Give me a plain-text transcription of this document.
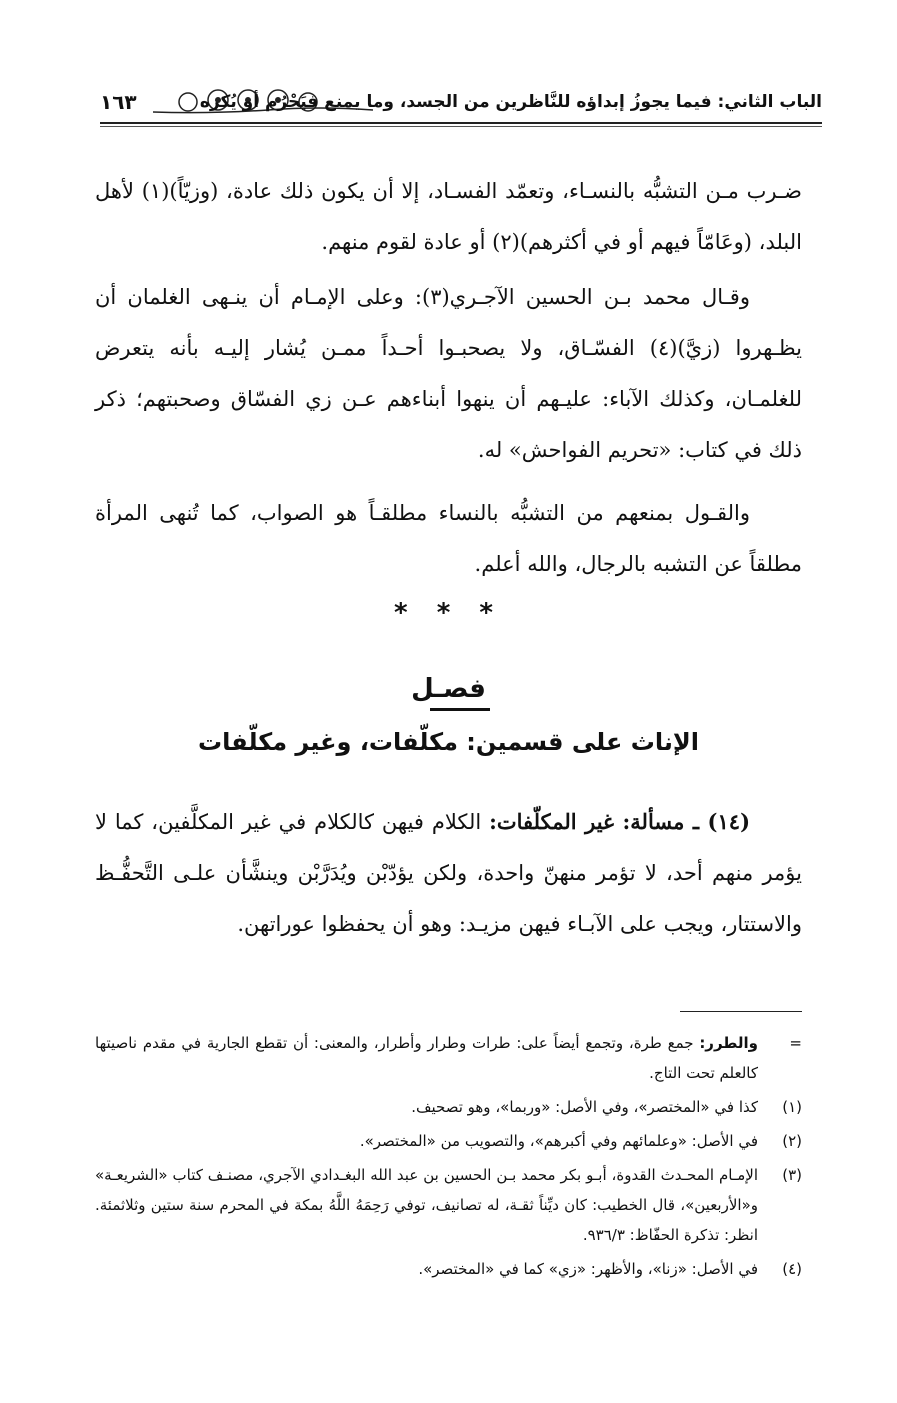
١٦٣	الباب الثاني: فيما يجوزُ إبداؤه للنَّاظرين من الجسد، وما يمنع فيَحْرُم أو يُكره

ضـرب مـن التشبُّه بالنسـاء، وتعمّد الفسـاد، إلا أن يكون ذلك عادة، (وزيّاً)(١) لأهل البلد، (وعَامّاً فيهم أو في أكثرهم)(٢) أو عادة لقوم منهم.

وقـال محمد بـن الحسين الآجـري(٣): وعلى الإمـام أن ينـهى الغلمان أن يظـهروا (زيَّ)(٤) الفسّـاق، ولا يصحبـوا أحـداً ممـن يُشار إليـه بأنه يتعرض للغلمـان، وكذلك الآباء: عليـهم أن ينهوا أبناءهم عـن زي الفسّاق وصحبتهم؛ ذكر ذلك في كتاب: «تحريم الفواحش» له.

والقـول بمنعهم من التشبُّه بالنساء مطلقـاً هو الصواب، كما تُنهى المرأة مطلقاً عن التشبه بالرجال، والله أعلم.

* * *
فصـل
الإناث على قسمين: مكلّفات، وغير مكلّفات

(١٤) ـ مسألة: غير المكلّفات: الكلام فيهن كالكلام في غير المكلَّفين، كما لا يؤمر منهم أحد، لا تؤمر منهنّ واحدة، ولكن يؤدّبْن ويُدَرَّبْن وينشَّأن علـى التَّحفُّـظ والاستتار، ويجب على الآبـاء فيهن مزيـد: وهو أن يحفظوا عوراتهن.

=
والطرر: جمع طرة، وتجمع أيضاً على: طرات وطرار وأطرار، والمعنى: أن تقطع الجارية في مقدم ناصيتها كالعلم تحت التاج.

(١)
كذا في «المختصر»، وفي الأصل: «وربما»، وهو تصحيف.

(٢)
في الأصل: «وعلمائهم وفي أكبرهم»، والتصويب من «المختصر».

(٣)
الإمـام المحـدث القدوة، أبـو بكر محمد بـن الحسين بن عبد الله البغـدادي الآجري، مصنـف كتاب «الشريعـة» و«الأربعين»، قال الخطيب: كان ديِّناً ثقـة، له تصانيف، توفي رَحِمَهُ اللَّهُ بمكة في المحرم سنة ستين وثلاثمئة. انظر: تذكرة الحفّاظ: ٩٣٦/٣.

(٤)
في الأصل: «زنا»، والأظهر: «زي» كما في «المختصر».
